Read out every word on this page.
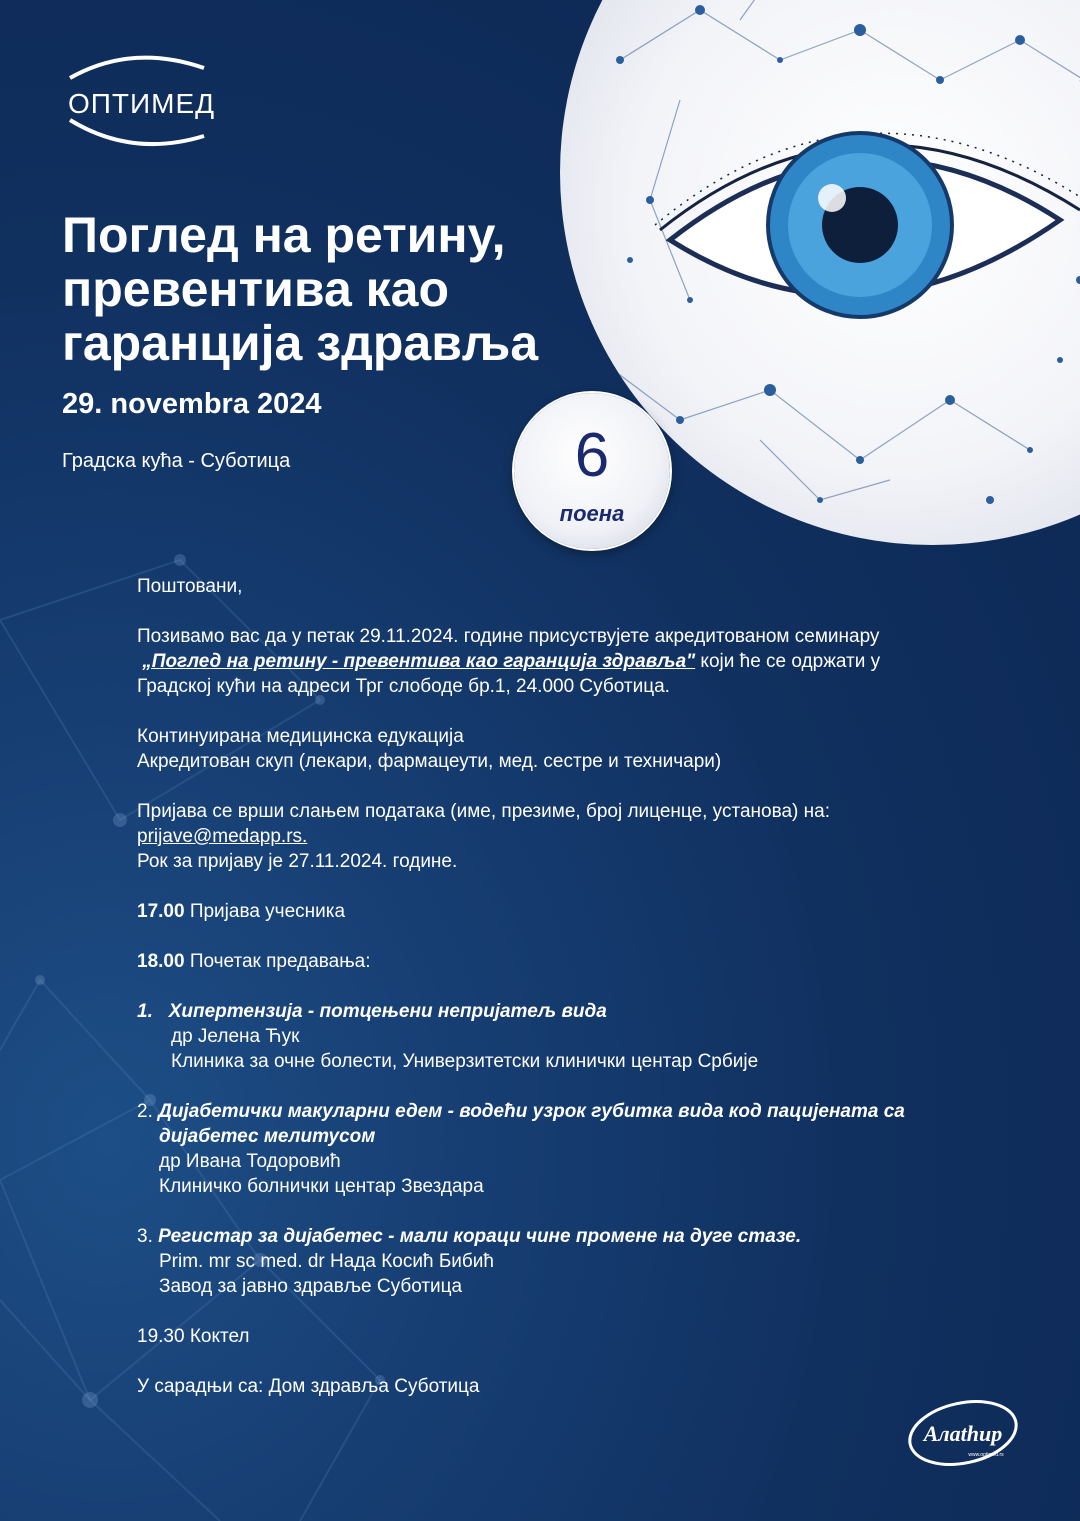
ОПТИМЕД
Поглед на ретину,
превентива као
гаранција здравља
29. novembra 2024
Градска кућа - Суботица	6
поена

Поштовани,

Позивамо вас да у петак 29.11.2024. године присуствујете акредитованом семинару

„Поглед на ретину - превентива као гаранција здравља" који ће се одржати у

Градској кући на адреси Трг слободе бр.1, 24.000 Суботица.

Континуирана медицинска едукација

Акредитован скуп (лекари, фармацеути, мед. сестре и техничари)

Пријава се врши слањем података (име, презиме, број лиценце, установа) на:

prijave@medapp.rs.

Рок за пријаву је 27.11.2024. године.

17.00 Пријава учесника

18.00 Почетак предавања:

1. Хипертензија - потцењени непријатељ вида

др Јелена Ћук

Клиника за очне болести, Универзитетски клинички центар Србије

2. Дијабетички макуларни едем - водећи узрок губитка вида код пацијената са

дијабетес мелитусом

др Ивана Тодоровић

Клиничко болнички центар Звездара

3. Регистар за дијабетес - мали кораци чине промене на дуге стазе.

Prim. mr sc med. dr Нада Косић Бибић

Завод за јавно здравље Суботица

19.30 Коктел

У сарадњи са: Дом здравља Суботица

Алаthир
www.optimed.rs
